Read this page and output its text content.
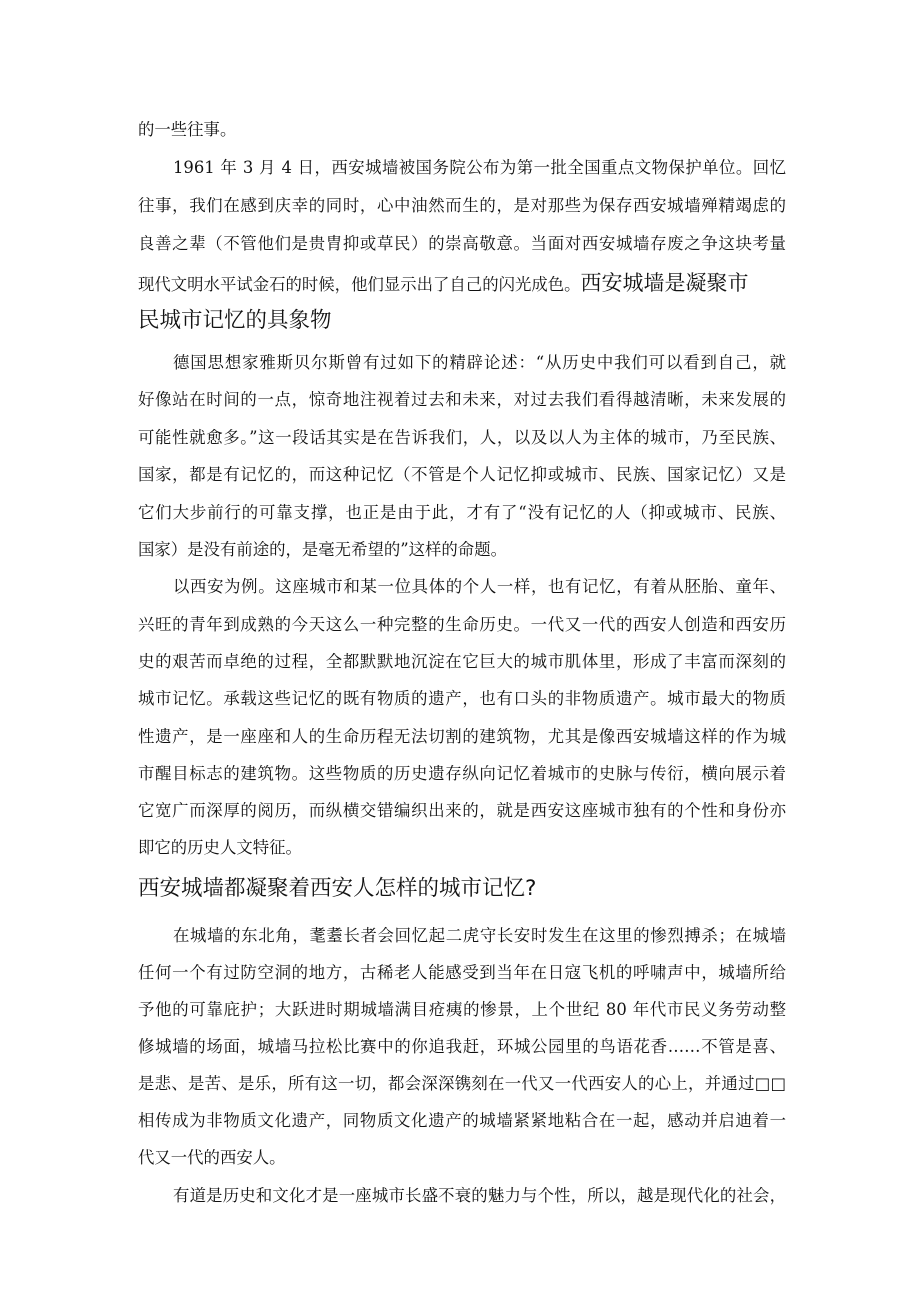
的一些往事。
1961 年 3 月 4 日，西安城墙被国务院公布为第一批全国重点文物保护单位。回忆
往事，我们在感到庆幸的同时，心中油然而生的，是对那些为保存西安城墙殚精竭虑的
良善之辈（不管他们是贵胄抑或草民）的崇高敬意。当面对西安城墙存废之争这块考量
现代文明水平试金石的时候，他们显示出了自己的闪光成色。西安城墙是凝聚市
民城市记忆的具象物
德国思想家雅斯贝尔斯曾有过如下的精辟论述：“从历史中我们可以看到自己，就
好像站在时间的一点，惊奇地注视着过去和未来，对过去我们看得越清晰，未来发展的
可能性就愈多。”这一段话其实是在告诉我们，人，以及以人为主体的城市，乃至民族、
国家，都是有记忆的，而这种记忆（不管是个人记忆抑或城市、民族、国家记忆）又是
它们大步前行的可靠支撑，也正是由于此，才有了“没有记忆的人（抑或城市、民族、
国家）是没有前途的，是毫无希望的”这样的命题。
以西安为例。这座城市和某一位具体的个人一样，也有记忆，有着从胚胎、童年、
兴旺的青年到成熟的今天这么一种完整的生命历史。一代又一代的西安人创造和西安历
史的艰苦而卓绝的过程，全都默默地沉淀在它巨大的城市肌体里，形成了丰富而深刻的
城市记忆。承载这些记忆的既有物质的遗产，也有口头的非物质遗产。城市最大的物质
性遗产，是一座座和人的生命历程无法切割的建筑物，尤其是像西安城墙这样的作为城
市醒目标志的建筑物。这些物质的历史遗存纵向记忆着城市的史脉与传衍，横向展示着
它宽广而深厚的阅历，而纵横交错编织出来的，就是西安这座城市独有的个性和身份亦
即它的历史人文特征。
西安城墙都凝聚着西安人怎样的城市记忆?
在城墙的东北角，耄耋长者会回忆起二虎守长安时发生在这里的惨烈搏杀；在城墙
任何一个有过防空洞的地方，古稀老人能感受到当年在日寇飞机的呼啸声中，城墙所给
予他的可靠庇护；大跃进时期城墙满目疮痍的惨景，上个世纪 80 年代市民义务劳动整
修城墙的场面，城墙马拉松比赛中的你追我赶，环城公园里的鸟语花香……不管是喜、
是悲、是苦、是乐，所有这一切，都会深深镌刻在一代又一代西安人的心上，并通过□□
相传成为非物质文化遗产，同物质文化遗产的城墙紧紧地粘合在一起，感动并启迪着一
代又一代的西安人。
有道是历史和文化才是一座城市长盛不衰的魅力与个性，所以，越是现代化的社会，
